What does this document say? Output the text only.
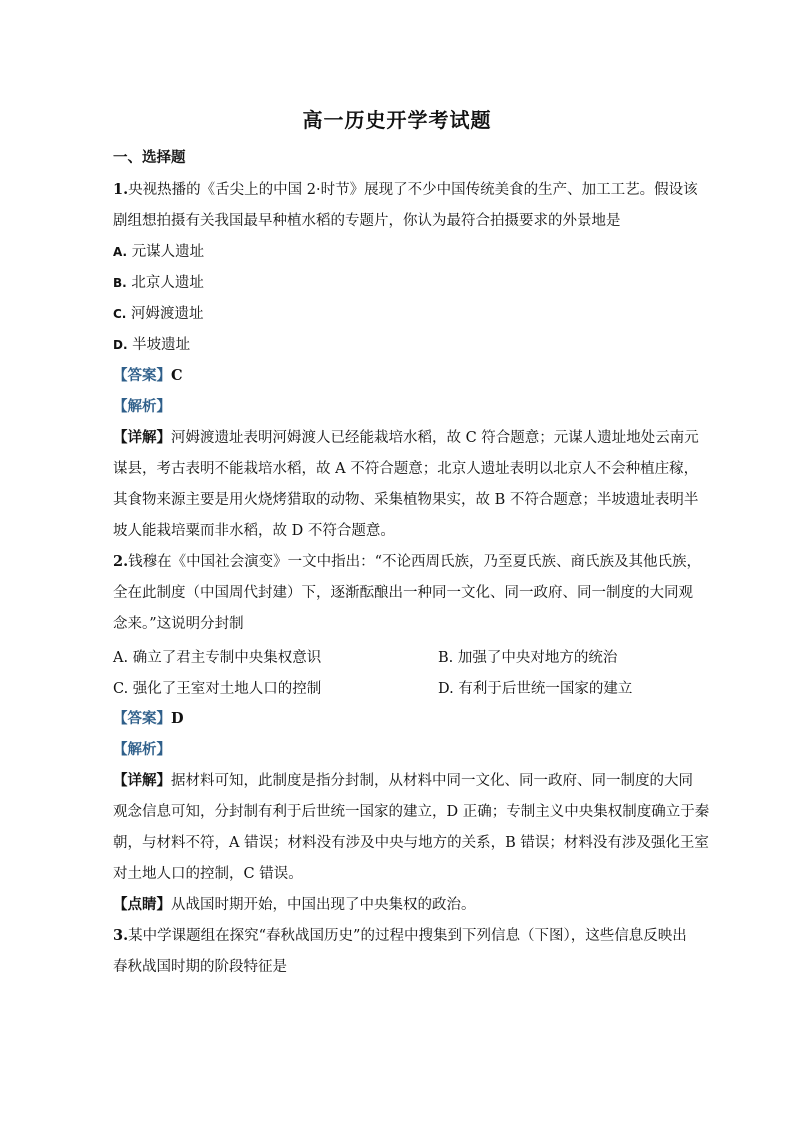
高一历史开学考试题
一、选择题
1.央视热播的《舌尖上的中国 2·时节》展现了不少中国传统美食的生产、加工工艺。假设该
剧组想拍摄有关我国最早种植水稻的专题片，你认为最符合拍摄要求的外景地是
A. 元谋人遗址
B. 北京人遗址
C. 河姆渡遗址
D. 半坡遗址
【答案】C
【解析】
【详解】河姆渡遗址表明河姆渡人已经能栽培水稻，故 C 符合题意；元谋人遗址地处云南元
谋县，考古表明不能栽培水稻，故 A 不符合题意；北京人遗址表明以北京人不会种植庄稼，
其食物来源主要是用火烧烤猎取的动物、采集植物果实，故 B 不符合题意；半坡遗址表明半
坡人能栽培粟而非水稻，故 D 不符合题意。
2.钱穆在《中国社会演变》一文中指出：“不论西周氏族，乃至夏氏族、商氏族及其他氏族，
全在此制度（中国周代封建）下，逐渐酝酿出一种同一文化、同一政府、同一制度的大同观
念来。”这说明分封制
A. 确立了君主专制中央集权意识	B. 加强了中央对地方的统治
C. 强化了王室对土地人口的控制	D. 有利于后世统一国家的建立
【答案】D
【解析】
【详解】据材料可知，此制度是指分封制，从材料中同一文化、同一政府、同一制度的大同
观念信息可知，分封制有利于后世统一国家的建立，D 正确；专制主义中央集权制度确立于秦
朝，与材料不符，A 错误；材料没有涉及中央与地方的关系，B 错误；材料没有涉及强化王室
对土地人口的控制，C 错误。
【点睛】从战国时期开始，中国出现了中央集权的政治。
3.某中学课题组在探究“春秋战国历史”的过程中搜集到下列信息（下图），这些信息反映出
春秋战国时期的阶段特征是
